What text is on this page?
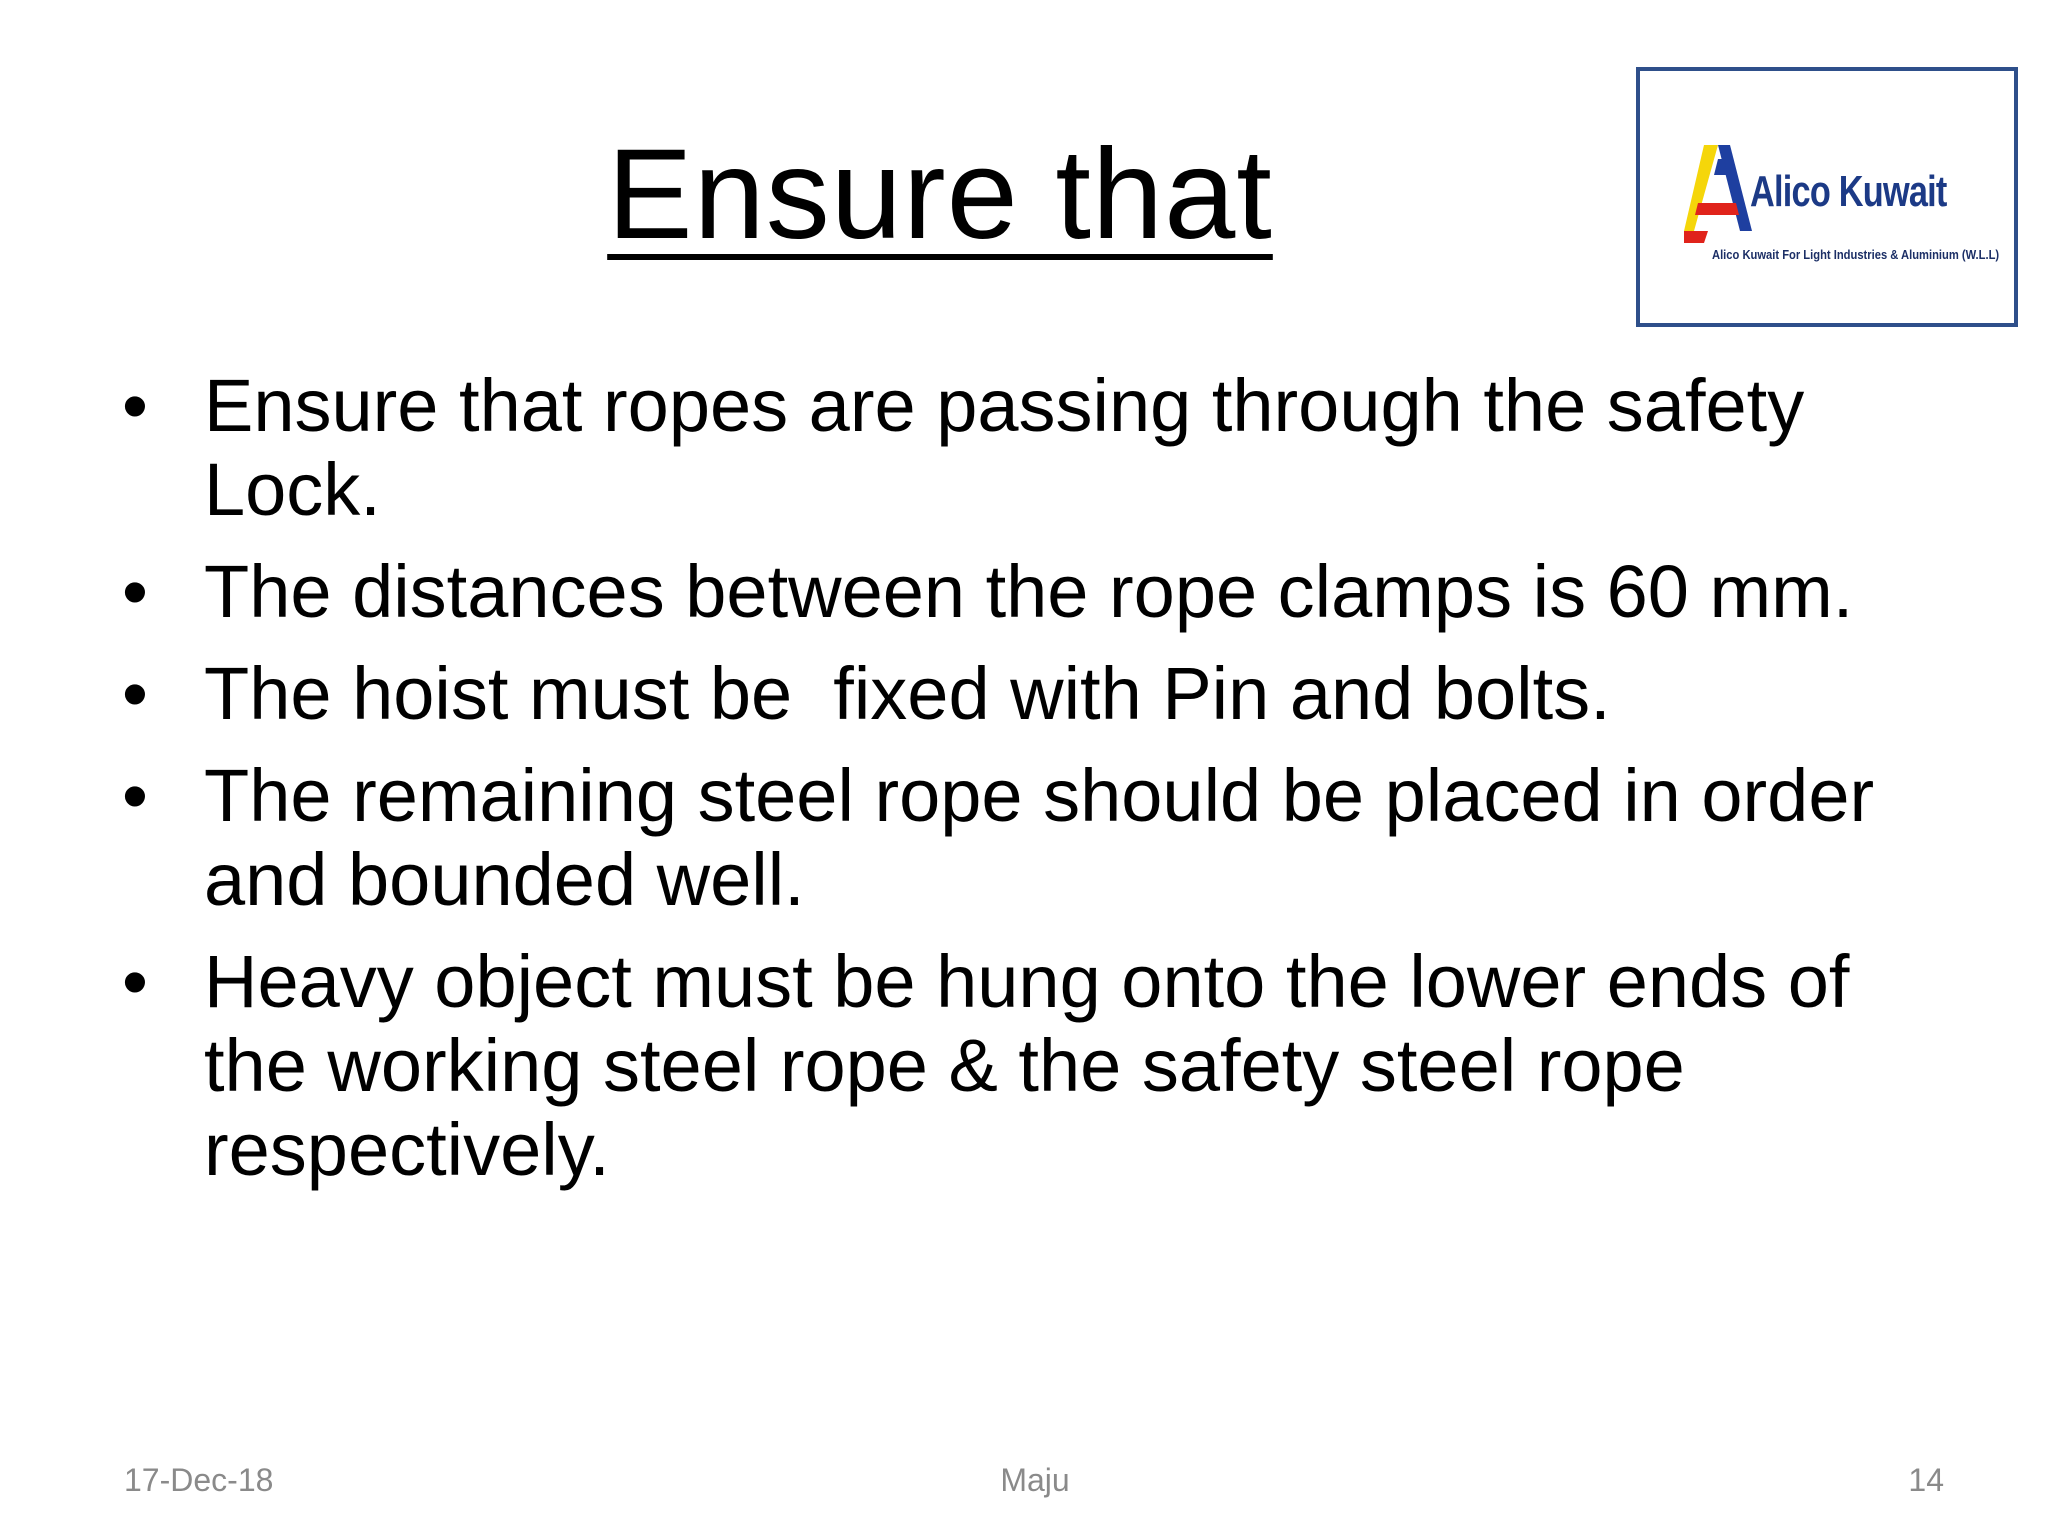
Ensure that	Alico Kuwait
Alico Kuwait For Light Industries & Aluminium (W.L.L)
• Ensure that ropes are passing through the safety Lock.
• The distances between the rope clamps is 60 mm.
• The hoist must be  fixed with Pin and bolts.
• The remaining steel rope should be placed in order and bounded well.
• Heavy object must be hung onto the lower ends of the working steel rope & the safety steel rope respectively.
17-Dec-18	Maju	14
